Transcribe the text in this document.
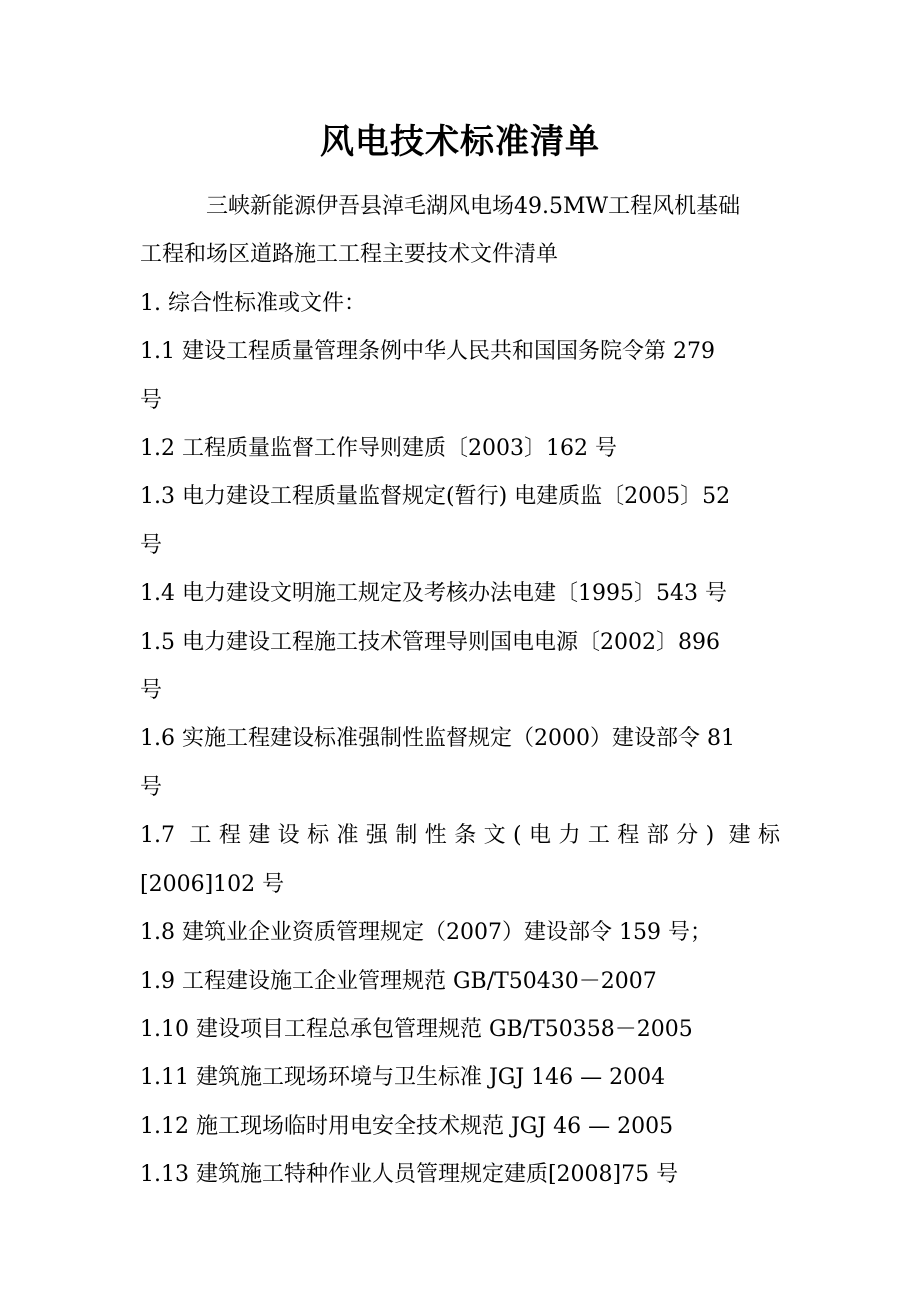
风电技术标准清单

三峡新能源伊吾县淖毛湖风电场49.5MW工程风机基础

工程和场区道路施工工程主要技术文件清单

1. 综合性标准或文件：

1.1 建设工程质量管理条例中华人民共和国国务院令第 279

号

1.2 工程质量监督工作导则建质〔2003〕162 号

1.3 电力建设工程质量监督规定(暂行) 电建质监〔2005〕52

号

1.4 电力建设文明施工规定及考核办法电建〔1995〕543 号

1.5 电力建设工程施工技术管理导则国电电源〔2002〕896

号

1.6 实施工程建设标准强制性监督规定（2000）建设部令 81

号

1.7 工程建设标准强制性条文(电力工程部分) 建标

[2006]102 号

1.8 建筑业企业资质管理规定（2007）建设部令 159 号；

1.9 工程建设施工企业管理规范 GB/T50430－2007

1.10 建设项目工程总承包管理规范 GB/T50358－2005

1.11 建筑施工现场环境与卫生标准 JGJ 146 — 2004

1.12 施工现场临时用电安全技术规范 JGJ 46 — 2005

1.13 建筑施工特种作业人员管理规定建质[2008]75 号
